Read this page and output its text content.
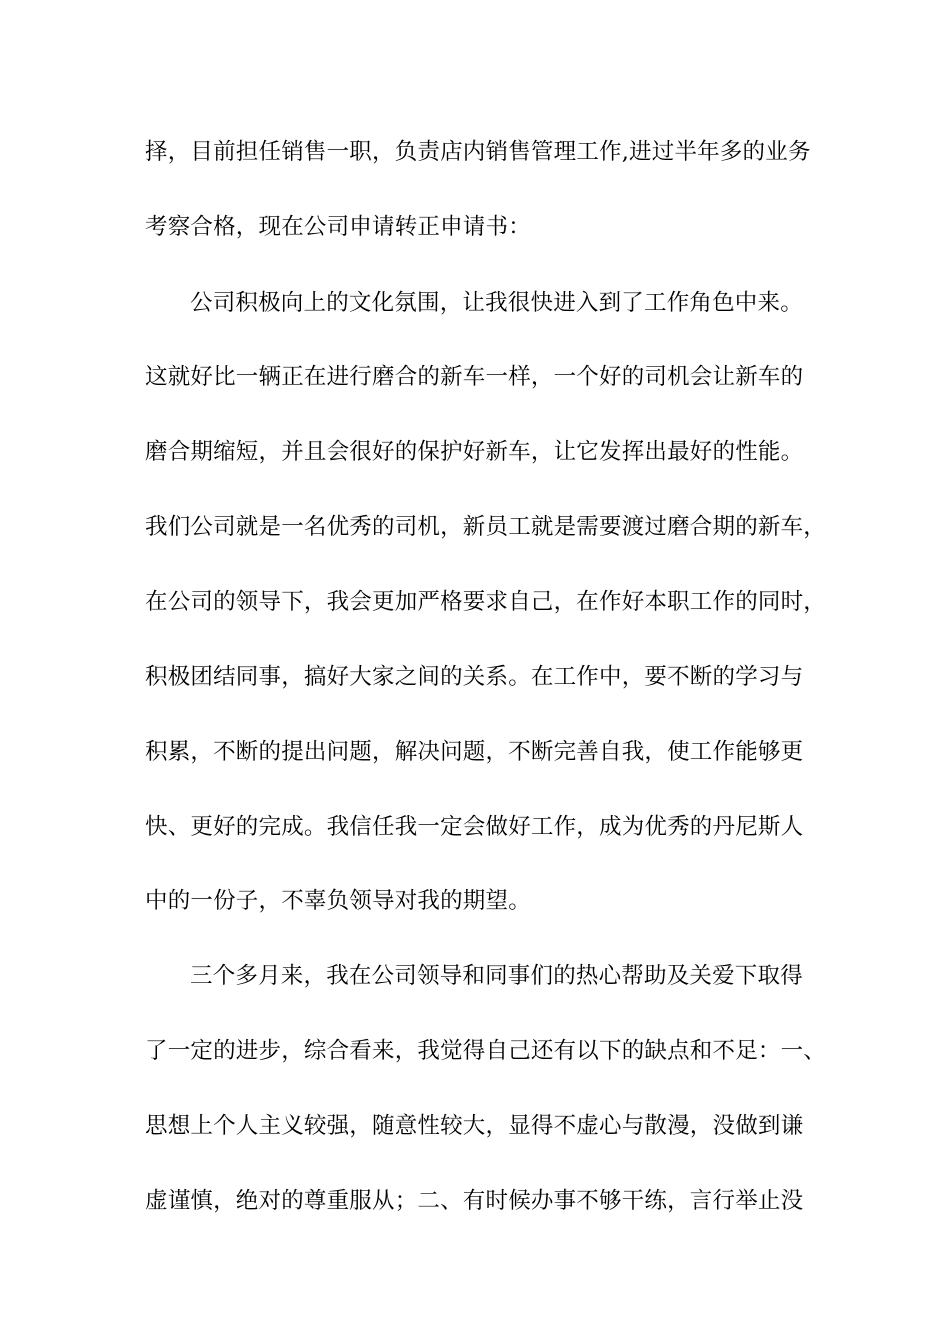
择，目前担任销售一职，负责店内销售管理工作,进过半年多的业务
考察合格，现在公司申请转正申请书：
公司积极向上的文化氛围，让我很快进入到了工作角色中来。
这就好比一辆正在进行磨合的新车一样，一个好的司机会让新车的
磨合期缩短，并且会很好的保护好新车，让它发挥出最好的性能。
我们公司就是一名优秀的司机，新员工就是需要渡过磨合期的新车，
在公司的领导下，我会更加严格要求自己，在作好本职工作的同时，
积极团结同事，搞好大家之间的关系。在工作中，要不断的学习与
积累，不断的提出问题，解决问题，不断完善自我，使工作能够更
快、更好的完成。我信任我一定会做好工作，成为优秀的丹尼斯人
中的一份子，不辜负领导对我的期望。
三个多月来，我在公司领导和同事们的热心帮助及关爱下取得
了一定的进步，综合看来，我觉得自己还有以下的缺点和不足：一、
思想上个人主义较强，随意性较大，显得不虚心与散漫，没做到谦
虚谨慎，绝对的尊重服从；二、有时候办事不够干练，言行举止没
